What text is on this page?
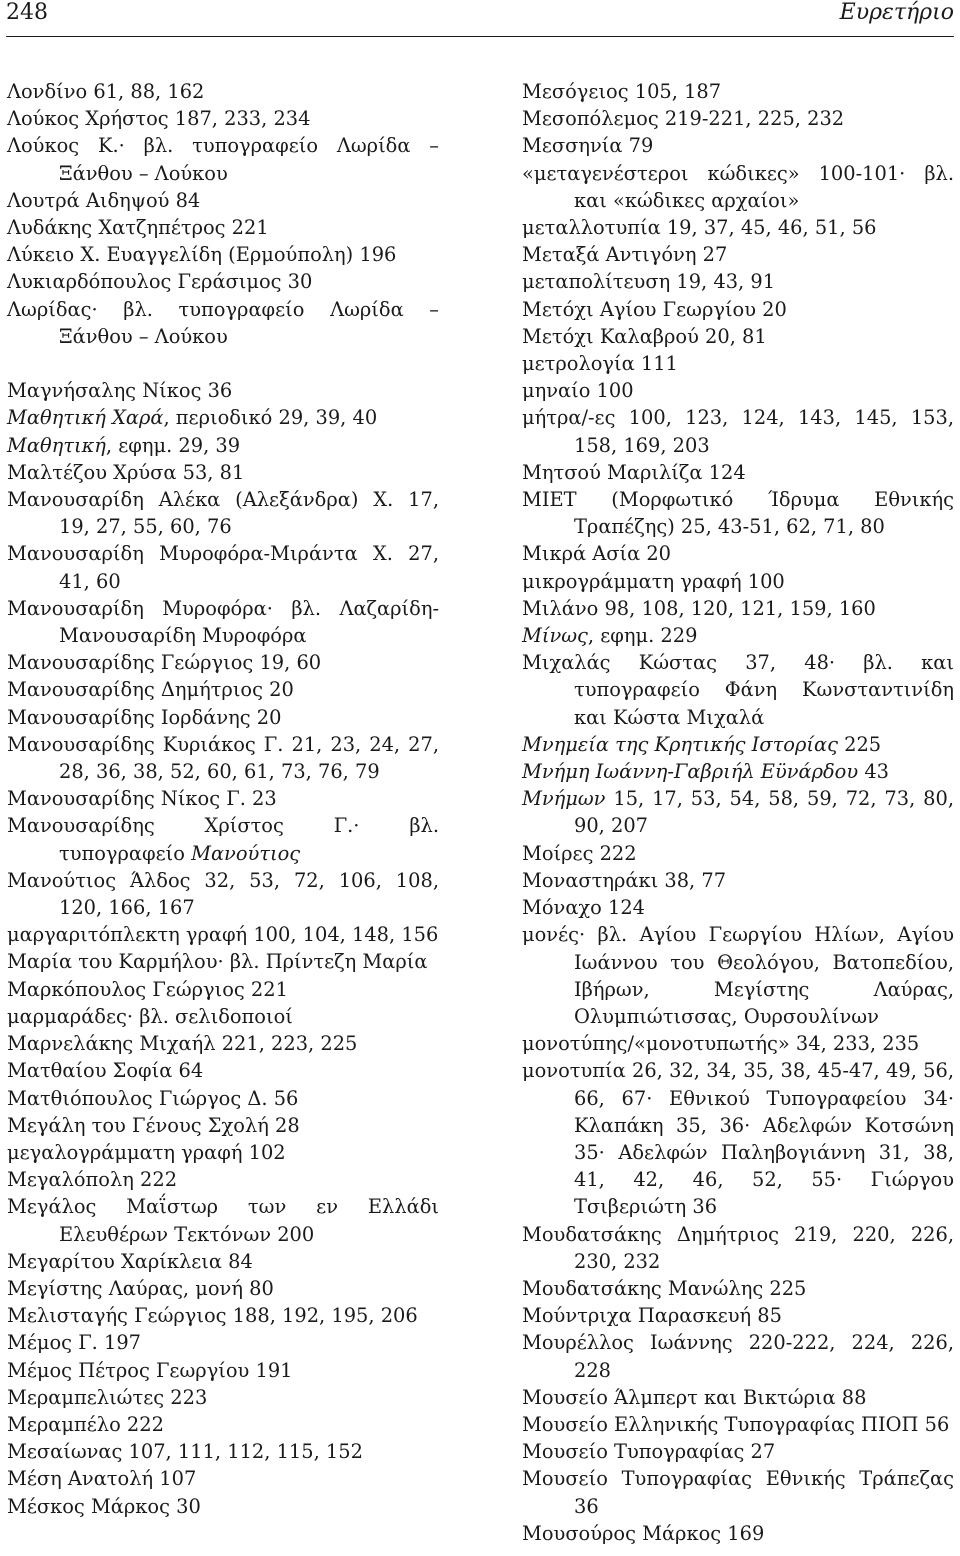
248	Ευρετήριο
Λονδίνο 61, 88, 162
Λούκος Χρήστος 187, 233, 234
Λούκος Κ.· βλ. τυπογραφείο Λωρίδα – Ξάνθου – Λούκου
Λουτρά Αιδηψού 84
Λυδάκης Χατζηπέτρος 221
Λύκειο Χ. Ευαγγελίδη (Ερμούπολη) 196
Λυκιαρδόπουλος Γεράσιμος 30
Λωρίδας· βλ. τυπογραφείο Λωρίδα – Ξάνθου – Λούκου
Μαγνήσαλης Νίκος 36
Μαθητική Χαρά, περιοδικό 29, 39, 40
Μαθητική, εφημ. 29, 39
Μαλτέζου Χρύσα 53, 81
Μανουσαρίδη Αλέκα (Αλεξάνδρα) Χ. 17, 19, 27, 55, 60, 76
Μανουσαρίδη Μυροφόρα-Μιράντα Χ. 27, 41, 60
Μανουσαρίδη Μυροφόρα· βλ. Λαζαρίδη-Μανουσαρίδη Μυροφόρα
Μανουσαρίδης Γεώργιος 19, 60
Μανουσαρίδης Δημήτριος 20
Μανουσαρίδης Ιορδάνης 20
Μανουσαρίδης Κυριάκος Γ. 21, 23, 24, 27, 28, 36, 38, 52, 60, 61, 73, 76, 79
Μανουσαρίδης Νίκος Γ. 23
Μανουσαρίδης Χρίστος Γ.· βλ. τυπογραφείο Μανούτιος
Μανούτιος Άλδος 32, 53, 72, 106, 108, 120, 166, 167
μαργαριτόπλεκτη γραφή 100, 104, 148, 156
Μαρία του Καρμήλου· βλ. Πρίντεζη Μαρία
Μαρκόπουλος Γεώργιος 221
μαρμαράδες· βλ. σελιδοποιοί
Μαρνελάκης Μιχαήλ 221, 223, 225
Ματθαίου Σοφία 64
Ματθιόπουλος Γιώργος Δ. 56
Μεγάλη του Γένους Σχολή 28
μεγαλογράμματη γραφή 102
Μεγαλόπολη 222
Μεγάλος Μαΐστωρ των εν Ελλάδι Ελευθέρων Τεκτόνων 200
Μεγαρίτου Χαρίκλεια 84
Μεγίστης Λαύρας, μονή 80
Μελισταγής Γεώργιος 188, 192, 195, 206
Μέμος Γ. 197
Μέμος Πέτρος Γεωργίου 191
Μεραμπελιώτες 223
Μεραμπέλο 222
Μεσαίωνας 107, 111, 112, 115, 152
Μέση Ανατολή 107
Μέσκος Μάρκος 30
Μεσόγειος 105, 187
Μεσοπόλεμος 219-221, 225, 232
Μεσσηνία 79
«μεταγενέστεροι κώδικες» 100-101· βλ. και «κώδικες αρχαίοι»
μεταλλοτυπία 19, 37, 45, 46, 51, 56
Μεταξά Αντιγόνη 27
μεταπολίτευση 19, 43, 91
Μετόχι Αγίου Γεωργίου 20
Μετόχι Καλαβρού 20, 81
μετρολογία 111
μηναίο 100
μήτρα/-ες 100, 123, 124, 143, 145, 153, 158, 169, 203
Μητσού Μαριλίζα 124
ΜΙΕΤ (Μορφωτικό Ίδρυμα Εθνικής Τραπέζης) 25, 43-51, 62, 71, 80
Μικρά Ασία 20
μικρογράμματη γραφή 100
Μιλάνο 98, 108, 120, 121, 159, 160
Μίνως, εφημ. 229
Μιχαλάς Κώστας 37, 48· βλ. και τυπογραφείο Φάνη Κωνσταντινίδη και Κώστα Μιχαλά
Μνημεία της Κρητικής Ιστορίας 225
Μνήμη Ιωάννη-Γαβριήλ Εϋνάρδου 43
Μνήμων 15, 17, 53, 54, 58, 59, 72, 73, 80, 90, 207
Μοίρες 222
Μοναστηράκι 38, 77
Μόναχο 124
μονές· βλ. Αγίου Γεωργίου Ηλίων, Αγίου Ιωάννου του Θεολόγου, Βατοπεδίου, Ιβήρων, Μεγίστης Λαύρας, Ολυμπιώτισσας, Ουρσουλίνων
μονοτύπης/«μονοτυπωτής» 34, 233, 235
μονοτυπία 26, 32, 34, 35, 38, 45-47, 49, 56, 66, 67· Εθνικού Τυπογραφείου 34· Κλαπάκη 35, 36· Αδελφών Κοτσώνη 35· Αδελφών Παληβογιάννη 31, 38, 41, 42, 46, 52, 55· Γιώργου Τσιβεριώτη 36
Μουδατσάκης Δημήτριος 219, 220, 226, 230, 232
Μουδατσάκης Μανώλης 225
Μούντριχα Παρασκευή 85
Μουρέλλος Ιωάννης 220-222, 224, 226, 228
Μουσείο Άλμπερτ και Βικτώρια 88
Μουσείο Ελληνικής Τυπογραφίας ΠΙΟΠ 56
Μουσείο Τυπογραφίας 27
Μουσείο Τυπογραφίας Εθνικής Τράπεζας 36
Μουσούρος Μάρκος 169
